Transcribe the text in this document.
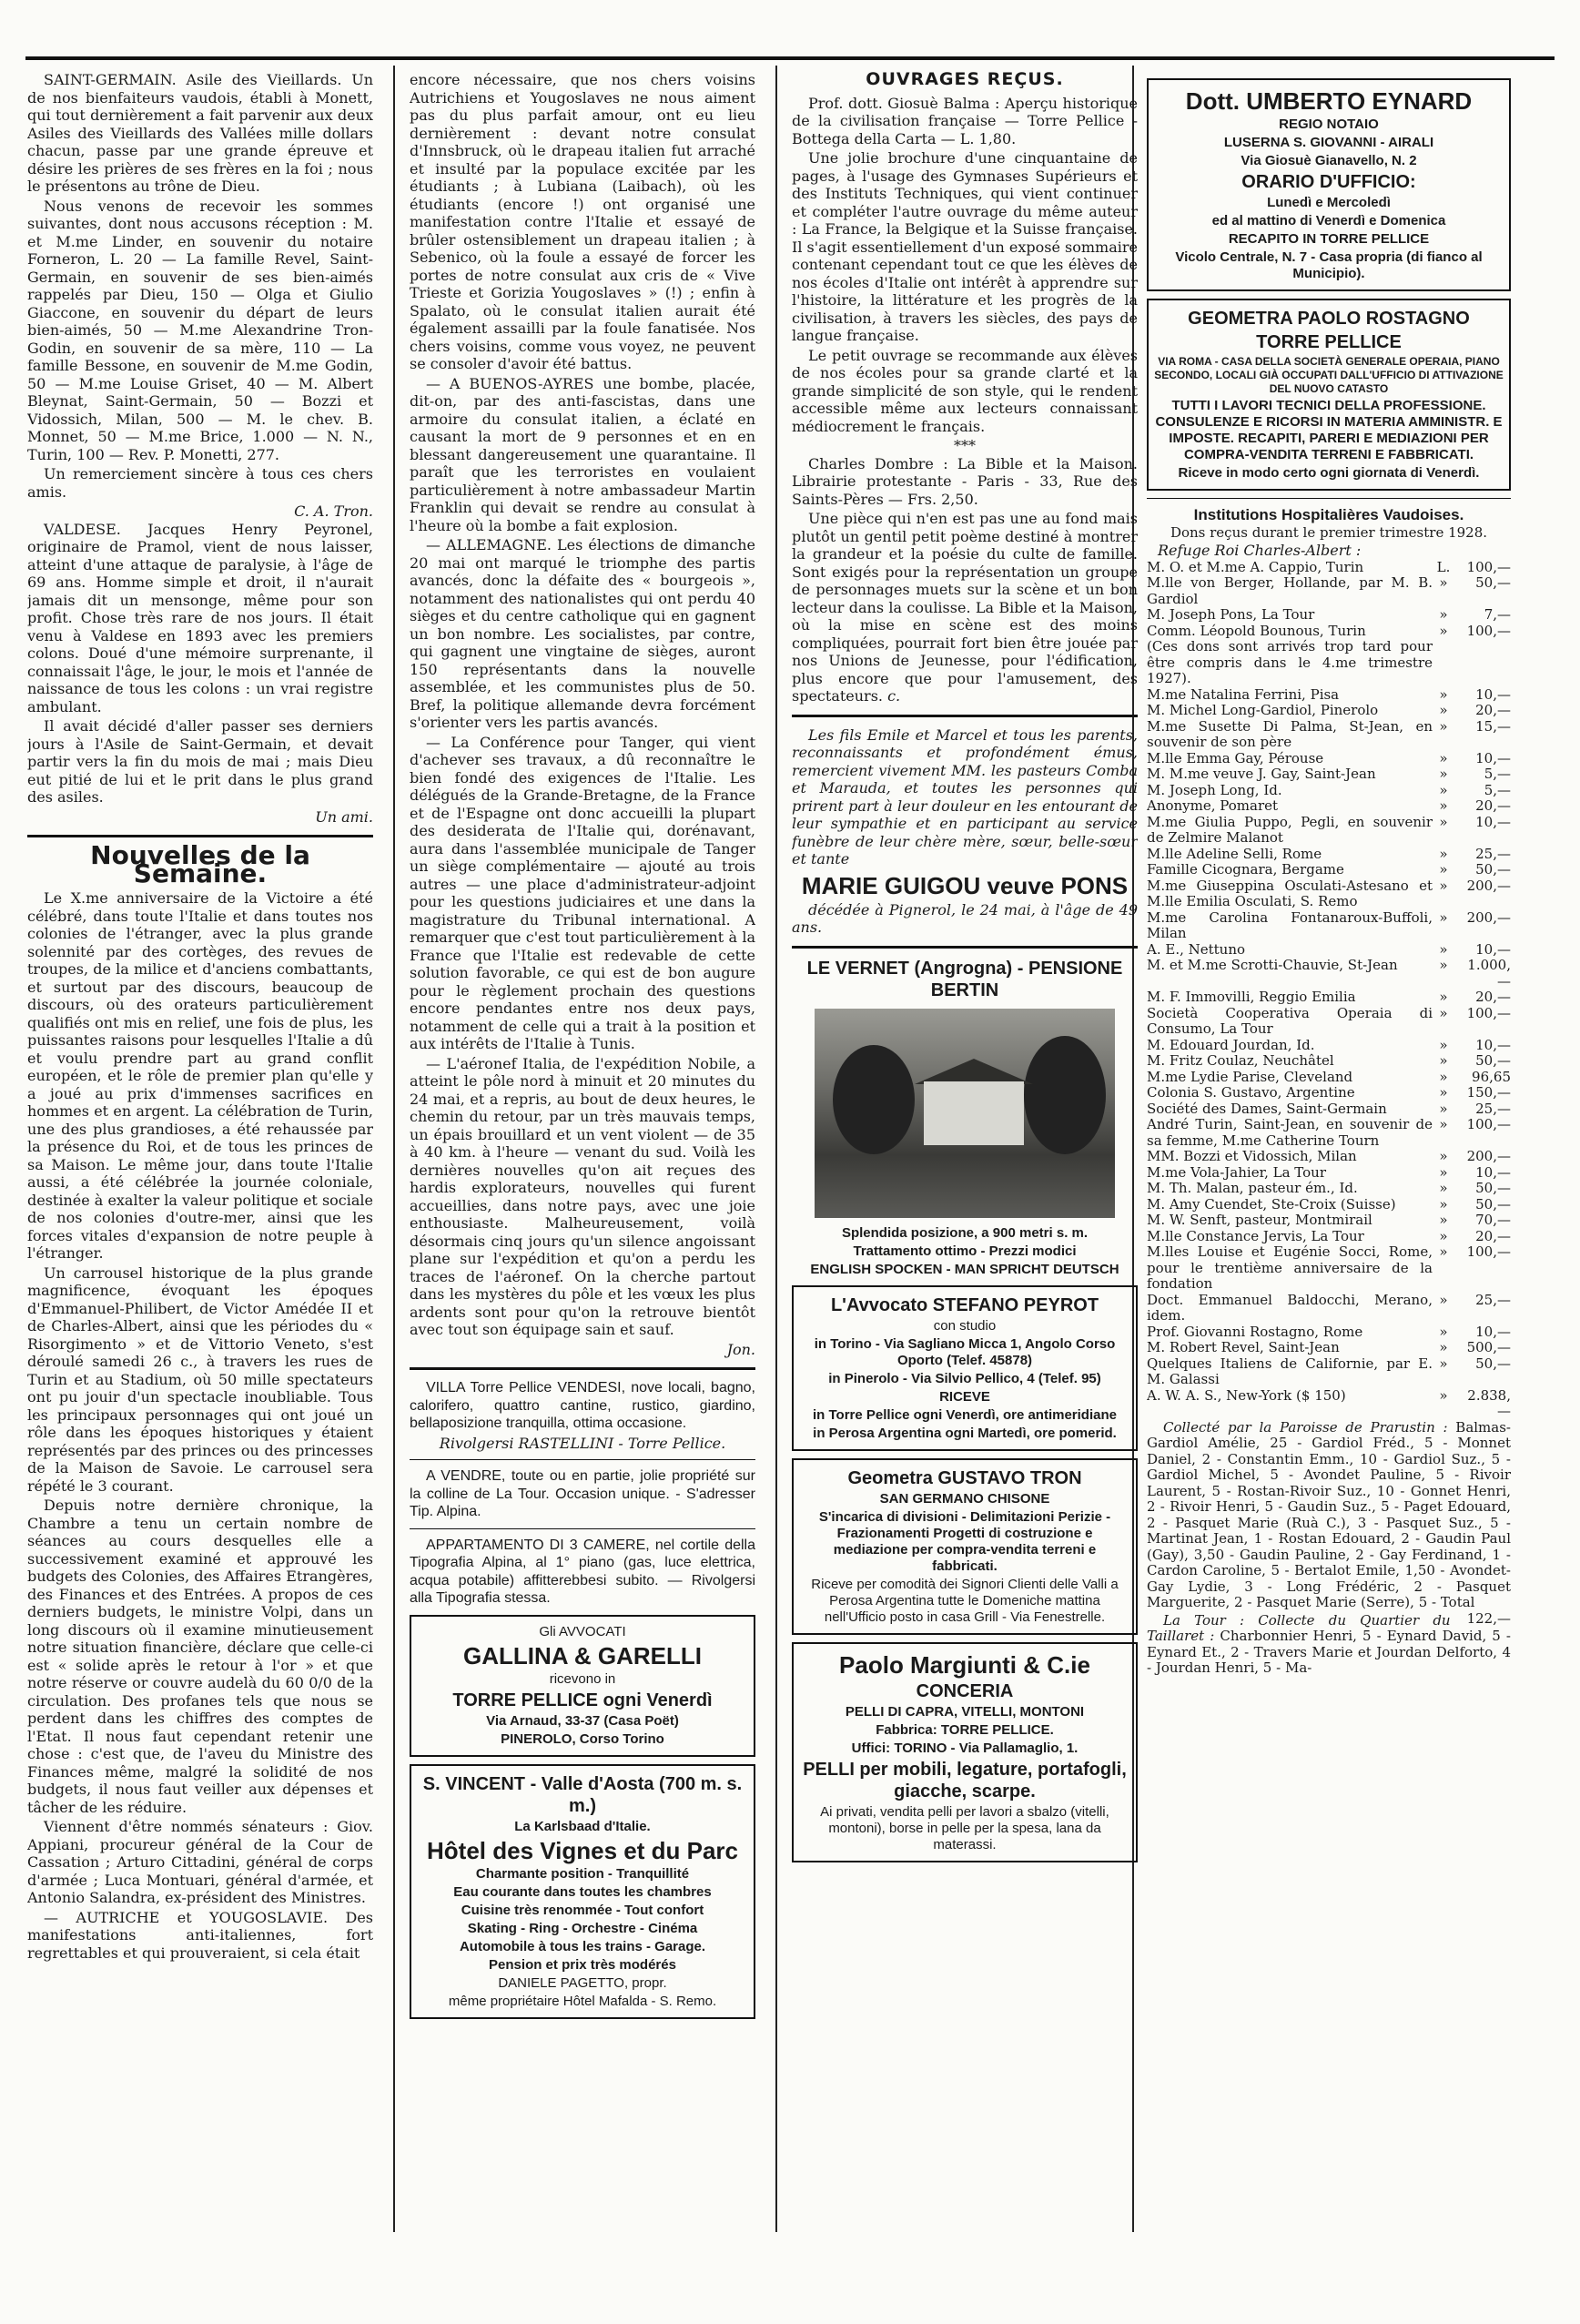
SAINT-GERMAIN. Asile des Vieillards. Un de nos bienfaiteurs vaudois, établi à Monett, qui tout dernièrement a fait parvenir aux deux Asiles des Vieillards des Vallées mille dollars chacun, passe par une grande épreuve et désire les prières de ses frères en la foi ; nous le présentons au trône de Dieu.

Nous venons de recevoir les sommes suivantes, dont nous accusons réception : M. et M.me Linder, en souvenir du notaire Forneron, L. 20 — La famille Revel, Saint-Germain, en souvenir de ses bien-aimés rappelés par Dieu, 150 — Olga et Giulio Giaccone, en souvenir du départ de leurs bien-aimés, 50 — M.me Alexandrine Tron-Godin, en souvenir de sa mère, 110 — La famille Bessone, en souvenir de M.me Godin, 50 — M.me Louise Griset, 40 — M. Albert Bleynat, Saint-Germain, 50 — Bozzi et Vidossich, Milan, 500 — M. le chev. B. Monnet, 50 — M.me Brice, 1.000 — N. N., Turin, 100 — Rev. P. Monetti, 277.

Un remerciement sincère à tous ces chers amis.

C. A. Tron.

VALDESE. Jacques Henry Peyronel, originaire de Pramol, vient de nous laisser, atteint d'une attaque de paralysie, à l'âge de 69 ans. Homme simple et droit, il n'aurait jamais dit un mensonge, même pour son profit. Chose très rare de nos jours. Il était venu à Valdese en 1893 avec les premiers colons. Doué d'une mémoire surprenante, il connaissait l'âge, le jour, le mois et l'année de naissance de tous les colons : un vrai registre ambulant.

Il avait décidé d'aller passer ses derniers jours à l'Asile de Saint-Germain, et devait partir vers la fin du mois de mai ; mais Dieu eut pitié de lui et le prit dans le plus grand des asiles.

Un ami.
Nouvelles de la Semaine.

Le X.me anniversaire de la Victoire a été célébré, dans toute l'Italie et dans toutes nos colonies de l'étranger, avec la plus grande solennité par des cortèges, des revues de troupes, de la milice et d'anciens combattants, et surtout par des discours, beaucoup de discours, où des orateurs particulièrement qualifiés ont mis en relief, une fois de plus, les puissantes raisons pour lesquelles l'Italie a dû et voulu prendre part au grand conflit européen, et le rôle de premier plan qu'elle y a joué au prix d'immenses sacrifices en hommes et en argent. La célébration de Turin, une des plus grandioses, a été rehaussée par la présence du Roi, et de tous les princes de sa Maison. Le même jour, dans toute l'Italie aussi, a été célébrée la journée coloniale, destinée à exalter la valeur politique et sociale de nos colonies d'outre-mer, ainsi que les forces vitales d'expansion de notre peuple à l'étranger.

Un carrousel historique de la plus grande magnificence, évoquant les époques d'Emmanuel-Philibert, de Victor Amédée II et de Charles-Albert, ainsi que les périodes du « Risorgimento » et de Vittorio Veneto, s'est déroulé samedi 26 c., à travers les rues de Turin et au Stadium, où 50 mille spectateurs ont pu jouir d'un spectacle inoubliable. Tous les principaux personnages qui ont joué un rôle dans les époques historiques y étaient représentés par des princes ou des princesses de la Maison de Savoie. Le carrousel sera répété le 3 courant.

Depuis notre dernière chronique, la Chambre a tenu un certain nombre de séances au cours desquelles elle a successivement examiné et approuvé les budgets des Colonies, des Affaires Etrangères, des Finances et des Entrées. A propos de ces derniers budgets, le ministre Volpi, dans un long discours où il examine minutieusement notre situation financière, déclare que celle-ci est « solide après le retour à l'or » et que notre réserve or couvre audelà du 60 0/0 de la circulation. Des profanes tels que nous se perdent dans les chiffres des comptes de l'Etat. Il nous faut cependant retenir une chose : c'est que, de l'aveu du Ministre des Finances même, malgré la solidité de nos budgets, il nous faut veiller aux dépenses et tâcher de les réduire.

Viennent d'être nommés sénateurs : Giov. Appiani, procureur général de la Cour de Cassation ; Arturo Cittadini, général de corps d'armée ; Luca Montuari, général d'armée, et Antonio Salandra, ex-président des Ministres.

— AUTRICHE et YOUGOSLAVIE. Des manifestations anti-italiennes, fort regrettables et qui prouveraient, si cela était

encore nécessaire, que nos chers voisins Autrichiens et Yougoslaves ne nous aiment pas du plus parfait amour, ont eu lieu dernièrement : devant notre consulat d'Innsbruck, où le drapeau italien fut arraché et insulté par la populace excitée par les étudiants ; à Lubiana (Laibach), où les étudiants (encore !) ont organisé une manifestation contre l'Italie et essayé de brûler ostensiblement un drapeau italien ; à Sebenico, où la foule a essayé de forcer les portes de notre consulat aux cris de « Vive Trieste et Gorizia Yougoslaves » (!) ; enfin à Spalato, où le consulat italien aurait été également assailli par la foule fanatisée. Nos chers voisins, comme vous voyez, ne peuvent se consoler d'avoir été battus.

— A BUENOS-AYRES une bombe, placée, dit-on, par des anti-fascistas, dans une armoire du consulat italien, a éclaté en causant la mort de 9 personnes et en en blessant dangereusement une quarantaine. Il paraît que les terroristes en voulaient particulièrement à notre ambassadeur Martin Franklin qui devait se rendre au consulat à l'heure où la bombe a fait explosion.

— ALLEMAGNE. Les élections de dimanche 20 mai ont marqué le triomphe des partis avancés, donc la défaite des « bourgeois », notamment des nationalistes qui ont perdu 40 sièges et du centre catholique qui en gagnent un bon nombre. Les socialistes, par contre, qui gagnent une vingtaine de sièges, auront 150 représentants dans la nouvelle assemblée, et les communistes plus de 50. Bref, la politique allemande devra forcément s'orienter vers les partis avancés.

— La Conférence pour Tanger, qui vient d'achever ses travaux, a dû reconnaître le bien fondé des exigences de l'Italie. Les délégués de la Grande-Bretagne, de la France et de l'Espagne ont donc accueilli la plupart des desiderata de l'Italie qui, dorénavant, aura dans l'assemblée municipale de Tanger un siège complémentaire — ajouté au trois autres — une place d'administrateur-adjoint pour les questions judiciaires et une dans la magistrature du Tribunal international. A remarquer que c'est tout particulièrement à la France que l'Italie est redevable de cette solution favorable, ce qui est de bon augure pour le règlement prochain des questions encore pendantes entre nos deux pays, notamment de celle qui a trait à la position et aux intérêts de l'Italie à Tunis.

— L'aéronef Italia, de l'expédition Nobile, a atteint le pôle nord à minuit et 20 minutes du 24 mai, et a repris, au bout de deux heures, le chemin du retour, par un très mauvais temps, un épais brouillard et un vent violent — de 35 à 40 km. à l'heure — venant du sud. Voilà les dernières nouvelles qu'on ait reçues des hardis explorateurs, nouvelles qui furent accueillies, dans notre pays, avec une joie enthousiaste. Malheureusement, voilà désormais cinq jours qu'un silence angoissant plane sur l'expédition et qu'on a perdu les traces de l'aéronef. On la cherche partout dans les mystères du pôle et les vœux les plus ardents sont pour qu'on la retrouve bientôt avec tout son équipage sain et sauf.

Jon.

VILLA Torre Pellice VENDESI, nove locali, bagno, calorifero, quattro cantine, rustico, giardino, bellaposizione tranquilla, ottima occasione.

Rivolgersi RASTELLINI - Torre Pellice.

A VENDRE, toute ou en partie, jolie propriété sur la colline de La Tour. Occasion unique. - S'adresser Tip. Alpina.

APPARTAMENTO DI 3 CAMERE, nel cortile della Tipografia Alpina, al 1° piano (gas, luce elettrica, acqua potabile) affitterebbesi subito. — Rivolgersi alla Tipografia stessa.

Gli AVVOCATI

GALLINA & GARELLI

ricevono in

TORRE PELLICE ogni Venerdì

Via Arnaud, 33-37 (Casa Poët)

PINEROLO, Corso Torino

S. VINCENT - Valle d'Aosta (700 m. s. m.)

La Karlsbaad d'Italie.

Hôtel des Vignes et du Parc

Charmante position - Tranquillité

Eau courante dans toutes les chambres

Cuisine très renommée - Tout confort

Skating - Ring - Orchestre - Cinéma

Automobile à tous les trains - Garage.

Pension et prix très modérés

DANIELE PAGETTO, propr.

même propriétaire Hôtel Mafalda - S. Remo.

OUVRAGES REÇUS.

Prof. dott. Giosuè Balma : Aperçu historique de la civilisation française — Torre Pellice - Bottega della Carta — L. 1,80.

Une jolie brochure d'une cinquantaine de pages, à l'usage des Gymnases Supérieurs et des Instituts Techniques, qui vient continuer et compléter l'autre ouvrage du même auteur : La France, la Belgique et la Suisse française. Il s'agit essentiellement d'un exposé sommaire contenant cependant tout ce que les élèves de nos écoles d'Italie ont intérêt à apprendre sur l'histoire, la littérature et les progrès de la civilisation, à travers les siècles, des pays de langue française.

Le petit ouvrage se recommande aux élèves de nos écoles pour sa grande clarté et la grande simplicité de son style, qui le rendent accessible même aux lecteurs connaissant médiocrement le français.

***

Charles Dombre : La Bible et la Maison. Librairie protestante - Paris - 33, Rue des Saints-Pères — Frs. 2,50.

Une pièce qui n'en est pas une au fond mais plutôt un gentil petit poème destiné à montrer la grandeur et la poésie du culte de famille. Sont exigés pour la représentation un groupe de personnages muets sur la scène et un bon lecteur dans la coulisse. La Bible et la Maison, où la mise en scène est des moins compliquées, pourrait fort bien être jouée par nos Unions de Jeunesse, pour l'édification, plus encore que pour l'amusement, des spectateurs. c.

Les fils Emile et Marcel et tous les parents, reconnaissants et profondément émus, remercient vivement MM. les pasteurs Comba et Marauda, et toutes les personnes qui prirent part à leur douleur en les entourant de leur sympathie et en participant au service funèbre de leur chère mère, sœur, belle-sœur et tante

MARIE GUIGOU veuve PONS

décédée à Pignerol, le 24 mai, à l'âge de 49 ans.

LE VERNET (Angrogna) - PENSIONE BERTIN

Splendida posizione, a 900 metri s. m.

Trattamento ottimo - Prezzi modici

ENGLISH SPOCKEN - MAN SPRICHT DEUTSCH

L'Avvocato STEFANO PEYROT

con studio

in Torino - Via Sagliano Micca 1, Angolo Corso Oporto (Telef. 45878)

in Pinerolo - Via Silvio Pellico, 4 (Telef. 95)

RICEVE

in Torre Pellice ogni Venerdì, ore antimeridiane

in Perosa Argentina ogni Martedì, ore pomerid.

Geometra GUSTAVO TRON

SAN GERMANO CHISONE

S'incarica di divisioni - Delimitazioni Perizie - Frazionamenti Progetti di costruzione e mediazione per compra-vendita terreni e fabbricati.

Riceve per comodità dei Signori Clienti delle Valli a Perosa Argentina tutte le Domeniche mattina nell'Ufficio posto in casa Grill - Via Fenestrelle.

Paolo Margiunti & C.ie

CONCERIA

PELLI DI CAPRA, VITELLI, MONTONI

Fabbrica: TORRE PELLICE.

Uffici: TORINO - Via Pallamaglio, 1.

PELLI per mobili, legature, portafogli, giacche, scarpe.

Ai privati, vendita pelli per lavori a sbalzo (vitelli, montoni), borse in pelle per la spesa, lana da materassi.

Dott. UMBERTO EYNARD

REGIO NOTAIO

LUSERNA S. GIOVANNI - AIRALI

Via Giosuè Gianavello, N. 2

ORARIO D'UFFICIO:

Lunedì e Mercoledì

ed al mattino di Venerdì e Domenica

RECAPITO IN TORRE PELLICE

Vicolo Centrale, N. 7 - Casa propria (di fianco al Municipio).

GEOMETRA PAOLO ROSTAGNO

TORRE PELLICE

VIA ROMA - CASA DELLA SOCIETÀ GENERALE OPERAIA, PIANO SECONDO, LOCALI GIÀ OCCUPATI DALL'UFFICIO DI ATTIVAZIONE DEL NUOVO CATASTO

TUTTI I LAVORI TECNICI DELLA PROFESSIONE. CONSULENZE E RICORSI IN MATERIA AMMINISTR. E IMPOSTE. RECAPITI, PARERI E MEDIAZIONI PER COMPRA-VENDITA TERRENI E FABBRICATI.

Riceve in modo certo ogni giornata di Venerdì.

Institutions Hospitalières Vaudoises.
Dons reçus durant le premier trimestre 1928.
Refuge Roi Charles-Albert :
M. O. et M.me A. Cappio, Turin	L.	100,—
M.lle von Berger, Hollande, par M. B. Gardiol
»	50,—
M. Joseph Pons, La Tour	»	7,—
Comm. Léopold Bounous, Turin	»	100,—
(Ces dons sont arrivés trop tard pour être compris dans le 4.me trimestre 1927).
M.me Natalina Ferrini, Pisa	»	10,—
M. Michel Long-Gardiol, Pinerolo	»	20,—
M.me Susette Di Palma, St-Jean, en souvenir de son père
»	15,—
M.lle Emma Gay, Pérouse	»	10,—
M. M.me veuve J. Gay, Saint-Jean	»	5,—
M. Joseph Long, Id.	»	5,—
Anonyme, Pomaret	»	20,—
M.me Giulia Puppo, Pegli, en souvenir de Zelmire Malanot
»	10,—
M.lle Adeline Selli, Rome	»	25,—
Famille Cicognara, Bergame	»	50,—
M.me Giuseppina Osculati-Astesano et M.lle Emilia Osculati, S. Remo
»	200,—
M.me Carolina Fontanaroux-Buffoli, Milan
»	200,—
A. E., Nettuno	»	10,—
M. et M.me Scrotti-Chauvie, St-Jean	»	1.000,—
M. F. Immovilli, Reggio Emilia	»	20,—
Società Cooperativa Operaia di Consumo, La Tour
»	100,—
M. Edouard Jourdan, Id.	»	10,—
M. Fritz Coulaz, Neuchâtel	»	50,—
M.me Lydie Parise, Cleveland	»	96,65
Colonia S. Gustavo, Argentine	»	150,—
Société des Dames, Saint-Germain	»	25,—
André Turin, Saint-Jean, en souvenir de sa femme, M.me Catherine Tourn
»	100,—
MM. Bozzi et Vidossich, Milan	»	200,—
M.me Vola-Jahier, La Tour	»	10,—
M. Th. Malan, pasteur ém., Id.	»	50,—
M. Amy Cuendet, Ste-Croix (Suisse)	»	50,—
M. W. Senft, pasteur, Montmirail	»	70,—
M.lle Constance Jervis, La Tour	»	20,—
M.lles Louise et Eugénie Socci, Rome, pour le trentième anniversaire de la fondation
»	100,—
Doct. Emmanuel Baldocchi, Merano, idem.
»	25,—
Prof. Giovanni Rostagno, Rome	»	10,—
M. Robert Revel, Saint-Jean	»	500,—
Quelques Italiens de Californie, par E. M. Galassi
»	50,—
A. W. A. S., New-York ($ 150)	»	2.838,—

Collecté par la Paroisse de Prarustin : Balmas-Gardiol Amélie, 25 - Gardiol Fréd., 5 - Monnet Daniel, 2 - Constantin Emm., 10 - Gardiol Suz., 5 - Gardiol Michel, 5 - Avondet Pauline, 5 - Rivoir Laurent, 5 - Rostan-Rivoir Suz., 10 - Gonnet Henri, 2 - Rivoir Henri, 5 - Gaudin Suz., 5 - Paget Edouard, 2 - Pasquet Marie (Ruà C.), 3 - Pasquet Suz., 5 - Martinat Jean, 1 - Rostan Edouard, 2 - Gaudin Paul (Gay), 3,50 - Gaudin Pauline, 2 - Gay Ferdinand, 1 - Cardon Caroline, 5 - Bertalot Emile, 1,50 - Avondet-Gay Lydie, 3 - Long Frédéric, 2 - Pasquet Marguerite, 2 - Pasquet Marie (Serre), 5 - Total
122,—

La Tour : Collecte du Quartier du Taillaret : Charbonnier Henri, 5 - Eynard David, 5 - Eynard Et., 2 - Travers Marie et Jourdan Delforto, 4 - Jourdan Henri, 5 - Ma-
